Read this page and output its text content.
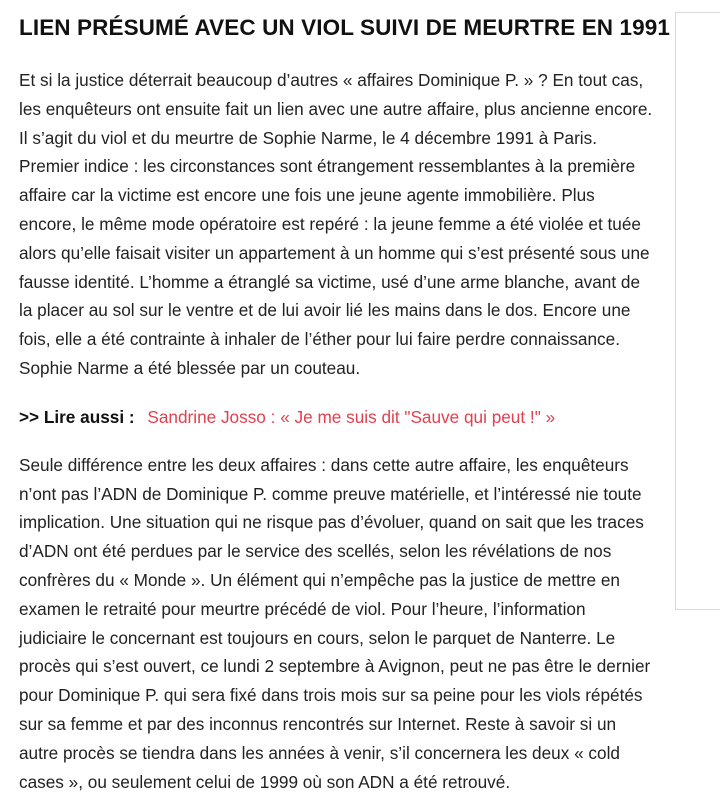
LIEN PRÉSUMÉ AVEC UN VIOL SUIVI DE MEURTRE EN 1991

Et si la justice déterrait beaucoup d’autres « affaires Dominique P. » ? En tout cas, les enquêteurs ont ensuite fait un lien avec une autre affaire, plus ancienne encore. Il s’agit du viol et du meurtre de Sophie Narme, le 4 décembre 1991 à Paris. Premier indice : les circonstances sont étrangement ressemblantes à la première affaire car la victime est encore une fois une jeune agente immobilière. Plus encore, le même mode opératoire est repéré : la jeune femme a été violée et tuée alors qu’elle faisait visiter un appartement à un homme qui s’est présenté sous une fausse identité. L’homme a étranglé sa victime, usé d’une arme blanche, avant de la placer au sol sur le ventre et de lui avoir lié les mains dans le dos. Encore une fois, elle a été contrainte à inhaler de l’éther pour lui faire perdre connaissance. Sophie Narme a été blessée par un couteau.

>> Lire aussi : Sandrine Josso : « Je me suis dit "Sauve qui peut !" »

Seule différence entre les deux affaires : dans cette autre affaire, les enquêteurs n’ont pas l’ADN de Dominique P. comme preuve matérielle, et l’intéressé nie toute implication. Une situation qui ne risque pas d’évoluer, quand on sait que les traces d’ADN ont été perdues par le service des scellés, selon les révélations de nos confrères du « Monde ». Un élément qui n’empêche pas la justice de mettre en examen le retraité pour meurtre précédé de viol. Pour l’heure, l’information judiciaire le concernant est toujours en cours, selon le parquet de Nanterre. Le procès qui s’est ouvert, ce lundi 2 septembre à Avignon, peut ne pas être le dernier pour Dominique P. qui sera fixé dans trois mois sur sa peine pour les viols répétés sur sa femme et par des inconnus rencontrés sur Internet. Reste à savoir si un autre procès se tiendra dans les années à venir, s’il concernera les deux « cold cases », ou seulement celui de 1999 où son ADN a été retrouvé.
